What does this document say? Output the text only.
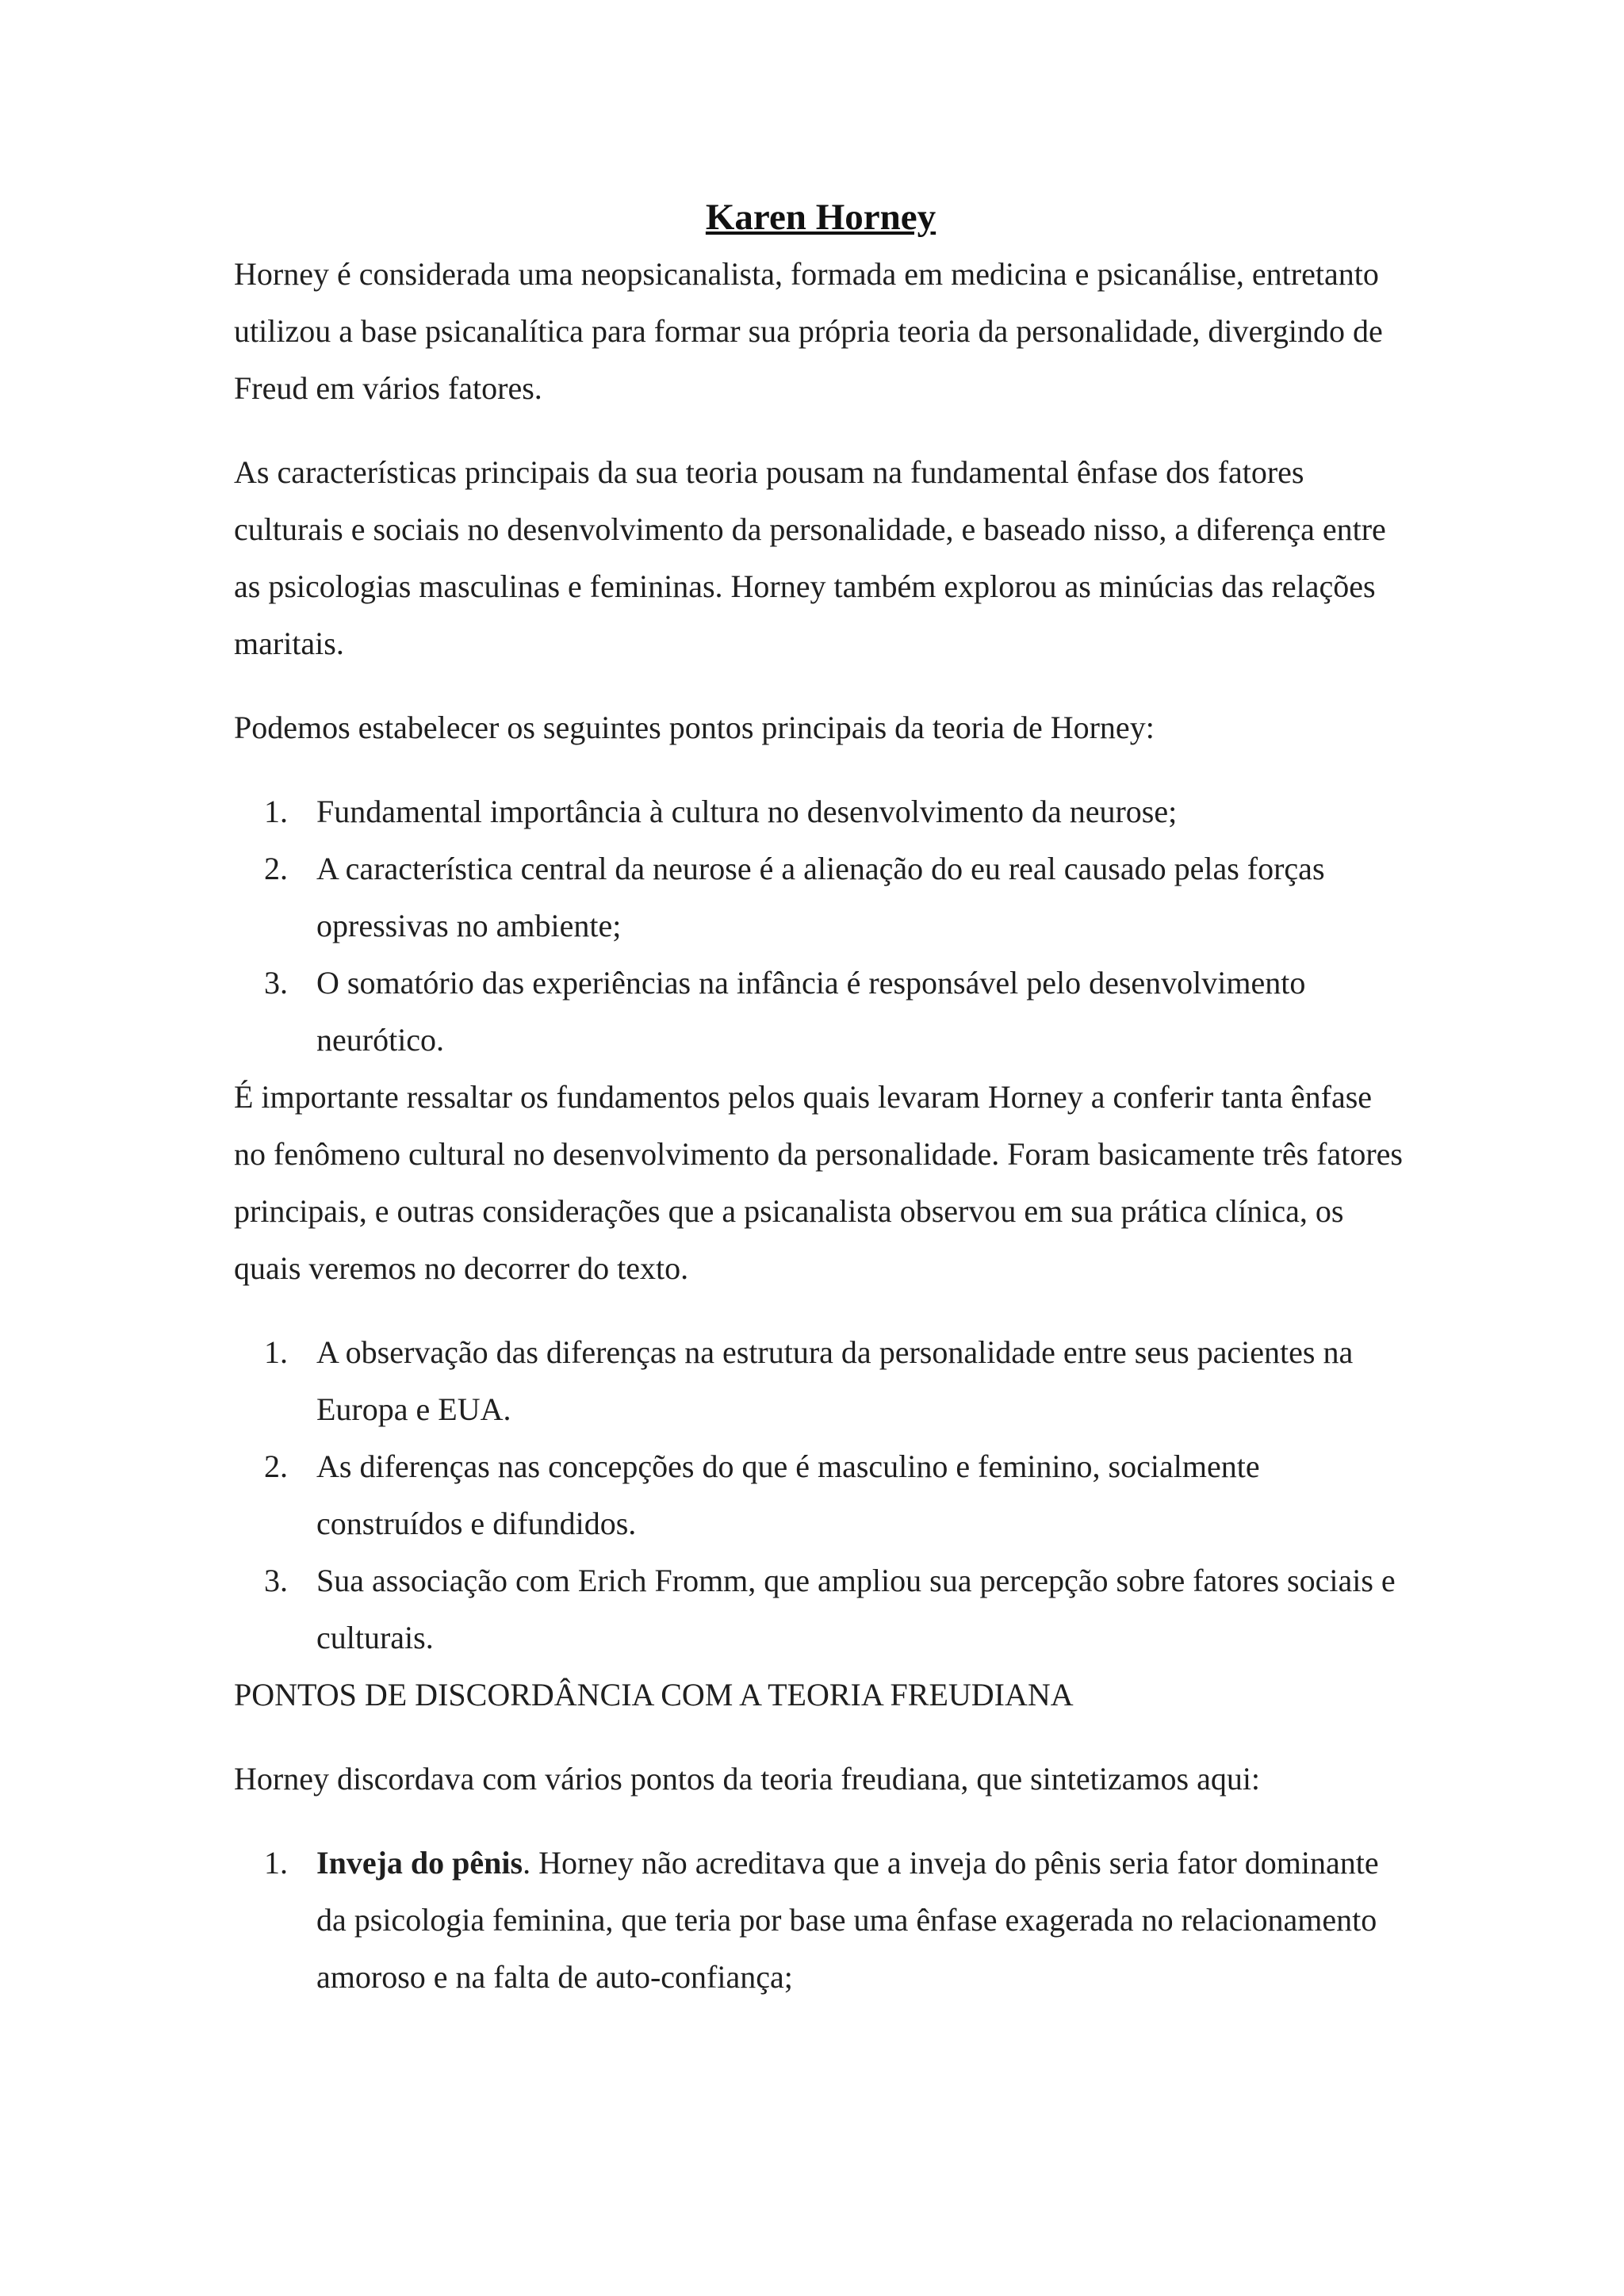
Karen Horney

Horney é considerada uma neopsicanalista, formada em medicina e psicanálise, entretanto utilizou a base psicanalítica para formar sua própria teoria da personalidade, divergindo de Freud em vários fatores.

As características principais da sua teoria pousam na fundamental ênfase dos fatores culturais e sociais no desenvolvimento da personalidade, e baseado nisso, a diferença entre as psicologias masculinas e femininas. Horney também explorou as minúcias das relações maritais.

Podemos estabelecer os seguintes pontos principais da teoria de Horney:

1. Fundamental importância à cultura no desenvolvimento da neurose;
2. A característica central da neurose é a alienação do eu real causado pelas forças opressivas no ambiente;
3. O somatório das experiências na infância é responsável pelo desenvolvimento neurótico.

É importante ressaltar os fundamentos pelos quais levaram Horney a conferir tanta ênfase no fenômeno cultural no desenvolvimento da personalidade. Foram basicamente três fatores principais, e outras considerações que a psicanalista observou em sua prática clínica, os quais veremos no decorrer do texto.

1. A observação das diferenças na estrutura da personalidade entre seus pacientes na Europa e EUA.
2. As diferenças nas concepções do que é masculino e feminino, socialmente construídos e difundidos.
3. Sua associação com Erich Fromm, que ampliou sua percepção sobre fatores sociais e culturais.

PONTOS DE DISCORDÂNCIA COM A TEORIA FREUDIANA

Horney discordava com vários pontos da teoria freudiana, que sintetizamos aqui:

1. Inveja do pênis. Horney não acreditava que a inveja do pênis seria fator dominante da psicologia feminina, que teria por base uma ênfase exagerada no relacionamento amoroso e na falta de auto-confiança;
